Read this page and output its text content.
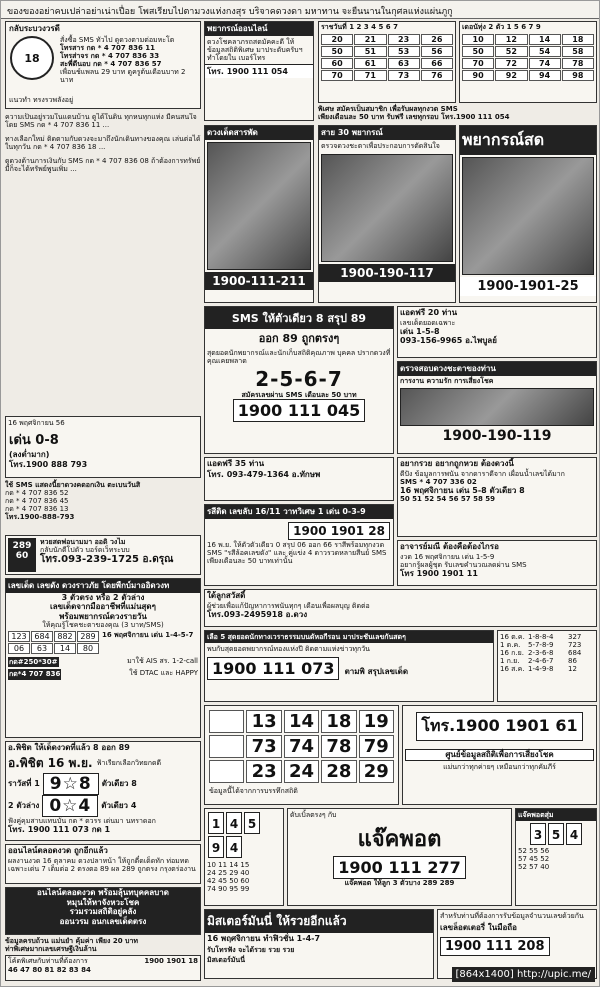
ของของอย่าคบเปล่าอย่าเน่าเปื่อย โพสเรียบไปตามวงแห่งกงสุร บริจาคดวงดา มหาทาน จะยืนนานในกุศลแห่งแผ่นภูกู
กลับระบวงวรดี
1 8
สั่งซื้อ SMS ทัวไป ดูดวงตามต่อมหะโต
โทรสาร กด * 4 707 836 11
โทรส่าจร กด * 4 707 836 33
สะพี่ดีนอบ กด * 4 707 836 57
เพื่อนช์แพลน 29 บาท ดูครูต้นเดือนบาท 2 นาท
แนวทำ ทรงรวพลังอยู่

ความเป็นอยู่รวมในแดนบ้าน ดูได้ในดิน ทุกหนทุกแห่ง มีคนสนใจ โดย SMS กด * 4 707 836 11 ...

ทางเลือกใหม่ ติดตามกับดวงจะมาถึงนักเดินทางของคุณ เล่นต่อได้ในทุกวัน กด * 4 707 836 18 ...

ดูดวงด้านการเงินกับ SMS กด * 4 707 836 08 ถ้าต้องการทรัพย์มีก็จะได้ทรัพย์พูนเพิ่ม ...

16 พฤศจิกายน 56
เด่น 0-8
(ลงต่ำมาก)
โทร.1900 888 793
ใช้ SMS แสดงนี้ยาดวงคดอกเงิน ตะเบนวันสิ
กด * 4 707 836 52
กด * 4 707 836 45
กด * 4 707 836 13
โทร.1900-888-793
289
60
หวยสดพ่อนามมา ออดิ วงไม
กลับนักตีโปดัว บอร์ดเว็ทระบบ
โทร.093-239-1725 อ.ดรุณ
เลขเด็ด เลขดัง ดวงราวภัย โดยพืกบ์มาออิดวงท
3 ตัวตรง หรือ 2 ตัวล่าง
เลขเด็ดจากมืออาชีพที่แม่นสุดๆ
พร้อมพยากรณ์ดวงรายวัน
ให้คุณรู้โชคชะตาของคุณ (3 บาท/SMS)
123 684 882 289
06	63	14	80
16 พฤศจิกายน เด่น 1-4-5-7
กด#250*30#	มาใช้ AIS สร. 1-2-call
กด*4 707 836	ใช้ DTAC และ HAPPY
อ.พิชิต ให้เด็ดงวดที่แล้ว 8 ออก 89
อ.พิชิต 16 พ.ย. ฟ้าเรียกเลือกวิทยกดดี
ราวัสที่ 1 9☆8	ตัวเดียว 8
2 ตัวล่าง 0☆4	ตัวเดียว 4
ฟังคู่คุมสาบแทนบัน กด * ดวรร เด่นมา นทราดอก
โทร. 1900 111 073 กด 1
ออนไลน์ตลอดงวด ถูกอีกแล้ว
ผลงานงวด 16 ตุลาคม ดวงปลาหน้า ให้ถูกตี๋ดเด็ดทัก ท่อมทดเฉพาะเด่น 7 เต็มต่อ 2 ตรงตอ 89 ผล 289 ถูกตรง กรุงตร่องาน
อนไลน์ตลอดงวด พร้อมลุ้นทบุคคลบาด
หมุนให้หาจังหวะโชค
รวมรวมสถิติอยู่คลัง
ออนวรม อนกเลขเด็ดตรง
ข้อมูลครบถ้วน แม่นยำ คุ้มค่า เพียง 20 บาท
ท่าพิเศษมากเลขเศรษฐีเงินล้าน
โค้ดพิเศษกับท่านที่ต้องการ	1900 1901 18
46 47 80 81 82 83 84
พยากรณ์ออนไลน์
ดวงโชคลาภรถสดมัคคะดี ให้ข้อมูลสถิติพิเศษ มาประดับครับฯ ทำโดยใน เบอร์โทร
โทร. 1900 111 054
ราชวันที่ 1 2 3 4 5 6 7
20	21	23	26
50	51	53	56
60	61	63	66
70	71	73	76
เดอนัทุ่ง 2 ตัว 1 5 6 7 9
10	12	14	18
50	52	54	58
70	72	74	78
90	92	94	98
พิเศษ สมัครเป็นสมาชิก เพื่อรับผลทุกงวด SMS
เพียงเดือนละ 50 บาท รับฟรี เลขทุกรอบ โทร.1900 111 054
ดวงเด็ดสารพัด
1900-111-211
สาย 30 พยากรณ์
ตรวจดวงชะตาเพื่อประกอบการตัดสินใจ
1900-190-117
พยากรณ์สด
1900-1901-25
SMS ให้ตัวเดียว 8 สรุป 89
ออก 89 ถูกตรงๆ
สุดยอดนักพยากรณ์และนักเก็บสถิติคุณภาพ บุคคล ปรากดวงที่คุณเคยพลาด
2-5-6-7
สมัครเลขผ่าน SMS เดือนละ 50 บาท
1900 111 045
แอดฟรี 20 ท่าน
เลขเด็ดยอดเฉพาะ
เด่น 1-5-8
093-156-9965 อ.ไพบูลย์
ตรวจสอบดวงชะตาของท่าน
การงาน ความรัก การเสี่ยงโชค
1900-190-119
แอดฟรี 35 ท่าน
โทร. 093-479-1364 อ.ทักษพ
รสีติด เลขลับ 16/11 วาทวิเศษ 1 เด่น 0-3-9
1900 1901 28
16 พ.ย. ให้ตัวตัวเดียว 0 สรุป 06 ออก 66 ราสีพร้อมทุกงวด SMS "รสีล้อคเลขดัง" และ คู่แข่ง 4 ดาวรวดหลายสีนย์ SMS เพียงเดือนละ 50 บาทเท่านั้น
อยากรวย อยากถูกหวย ต้องดวงนี้
ดีปัง ข้อมูลการพนัน จากดาราดีจาก เผื่อนน้ำเลขได้มาก
SMS * 4 707 336 02
16 พฤศจิกายน เด่น 5-8 ตัวเดียว 8
50 51 52 54 56 57 58 59
อาจารย์มณี ต้องคือต้องไกรอ
งวด 16 พฤศจิกายน เด่น 1-5-9
อยากรู้ผลผู้ชุด รับเลขคำนวณลดผ่าน SMS
โทร 1900 1901 11
ใด้ลูกสวัสดิ์
ผู้ช่วยเพื่อแก้ปัญหาการพนันทุกๆ เดือนเพื่อผลบุญ ติดต่อ
โทร.093-2495918 อ.ดวง
เลือ 5 สุดยอดนักทางเวราธรรมบนดัหอกีรอน มาประชันเลขกันสดๆ
พบกับสุดยอดพยากรณ์ทองแห่งปี ติดตามแห่งข่าวทุกวัน
1900 111 073 ตามพิ สรุปเลขเด็ด
16 ต.ค. 1-8-8-4	327
1 ต.ค.	5-7-8-9	723
16 ก.ย. 2-3-6-8	684
1 ก.ย.	2-4-6-7	86
16 ส.ค. 1-4-9-8	12
1	13 14 18 19
7	73 74 78 79
2	23 24 28 29
ข้อมูลนี้ได้จากการบรรทึกสถิติ
โทร.1900 1901 61
ศูนย์ข้อมูลสถิติเพื่อการเสี่ยงโชค
แม่นกว่าทุกค่ายๆ เหมือนกว่าทุกคัมภีร์
1 4 5 9 4
10 11 14 15
24 25 29 40
42 45 50 60
74 90 95 99
ดับเบิ้ลตรงๆ กับ
แจ๊คพอต
1900 111 277
แจ๊คพอต ให้ลูก 3 ตัวบาง 289 289
แจ๊คพอตสุ่ม
3 5 4
52 55 56
57 45 52
52 57 40
มิสเตอร์มันนี่ ให้รวยอีกแล้ว
16 พฤศจิกายน ทำฟิวชั่น 1-4-7
รับโทรฟัง จะได้รวย รวย รวย
มิสเตอร์มันนี่
สำหรับท่านที่ต้องการรับข้อมูลจำนวนเลขด้วยกัน
เลขล็อตเตอรี่ ในมือถือ
1900 111 208
[864x1400] http://upic.me/
